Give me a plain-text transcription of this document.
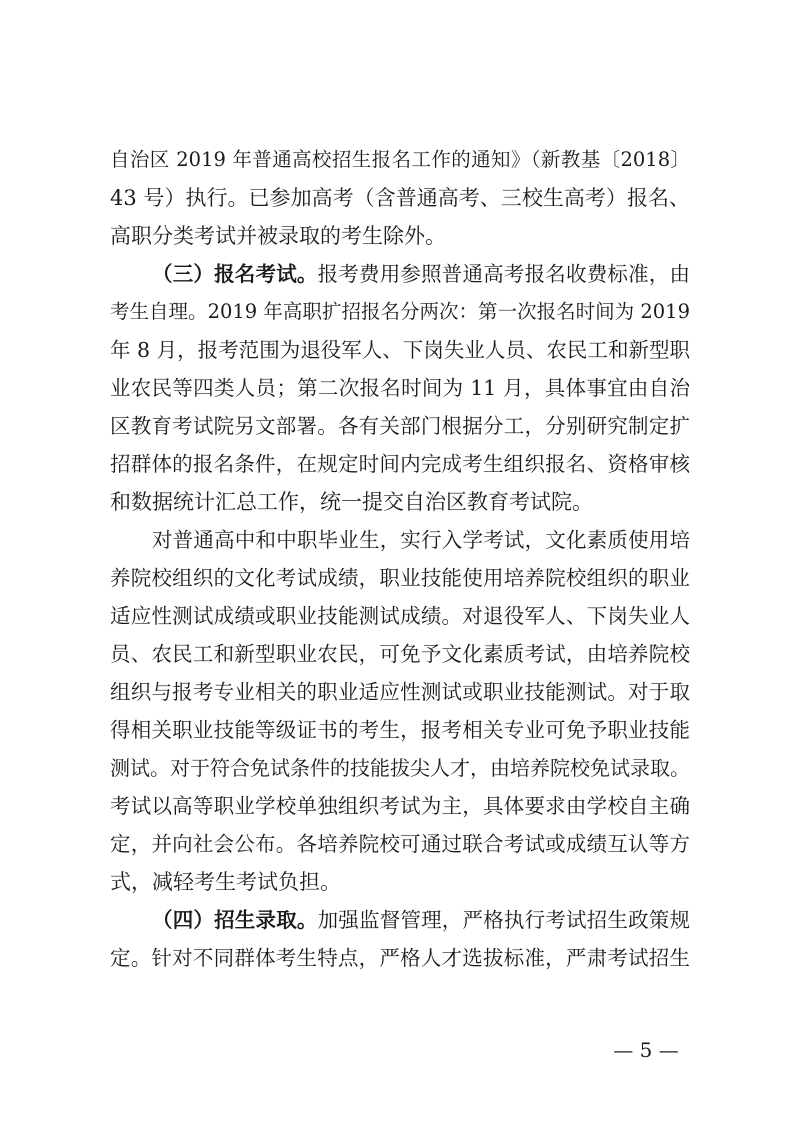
自治区 2019 年普通高校招生报名工作的通知》（新教基〔2018〕
43 号）执行。已参加高考（含普通高考、三校生高考）报名、
高职分类考试并被录取的考生除外。
（三）报名考试。报考费用参照普通高考报名收费标准，由
考生自理。2019 年高职扩招报名分两次：第一次报名时间为 2019
年 8 月，报考范围为退役军人、下岗失业人员、农民工和新型职
业农民等四类人员；第二次报名时间为 11 月，具体事宜由自治
区教育考试院另文部署。各有关部门根据分工，分别研究制定扩
招群体的报名条件，在规定时间内完成考生组织报名、资格审核
和数据统计汇总工作，统一提交自治区教育考试院。
对普通高中和中职毕业生，实行入学考试，文化素质使用培
养院校组织的文化考试成绩，职业技能使用培养院校组织的职业
适应性测试成绩或职业技能测试成绩。对退役军人、下岗失业人
员、农民工和新型职业农民，可免予文化素质考试，由培养院校
组织与报考专业相关的职业适应性测试或职业技能测试。对于取
得相关职业技能等级证书的考生，报考相关专业可免予职业技能
测试。对于符合免试条件的技能拔尖人才，由培养院校免试录取。
考试以高等职业学校单独组织考试为主，具体要求由学校自主确
定，并向社会公布。各培养院校可通过联合考试或成绩互认等方
式，减轻考生考试负担。
（四）招生录取。加强监督管理，严格执行考试招生政策规
定。针对不同群体考生特点，严格人才选拔标准，严肃考试招生
— 5 —
